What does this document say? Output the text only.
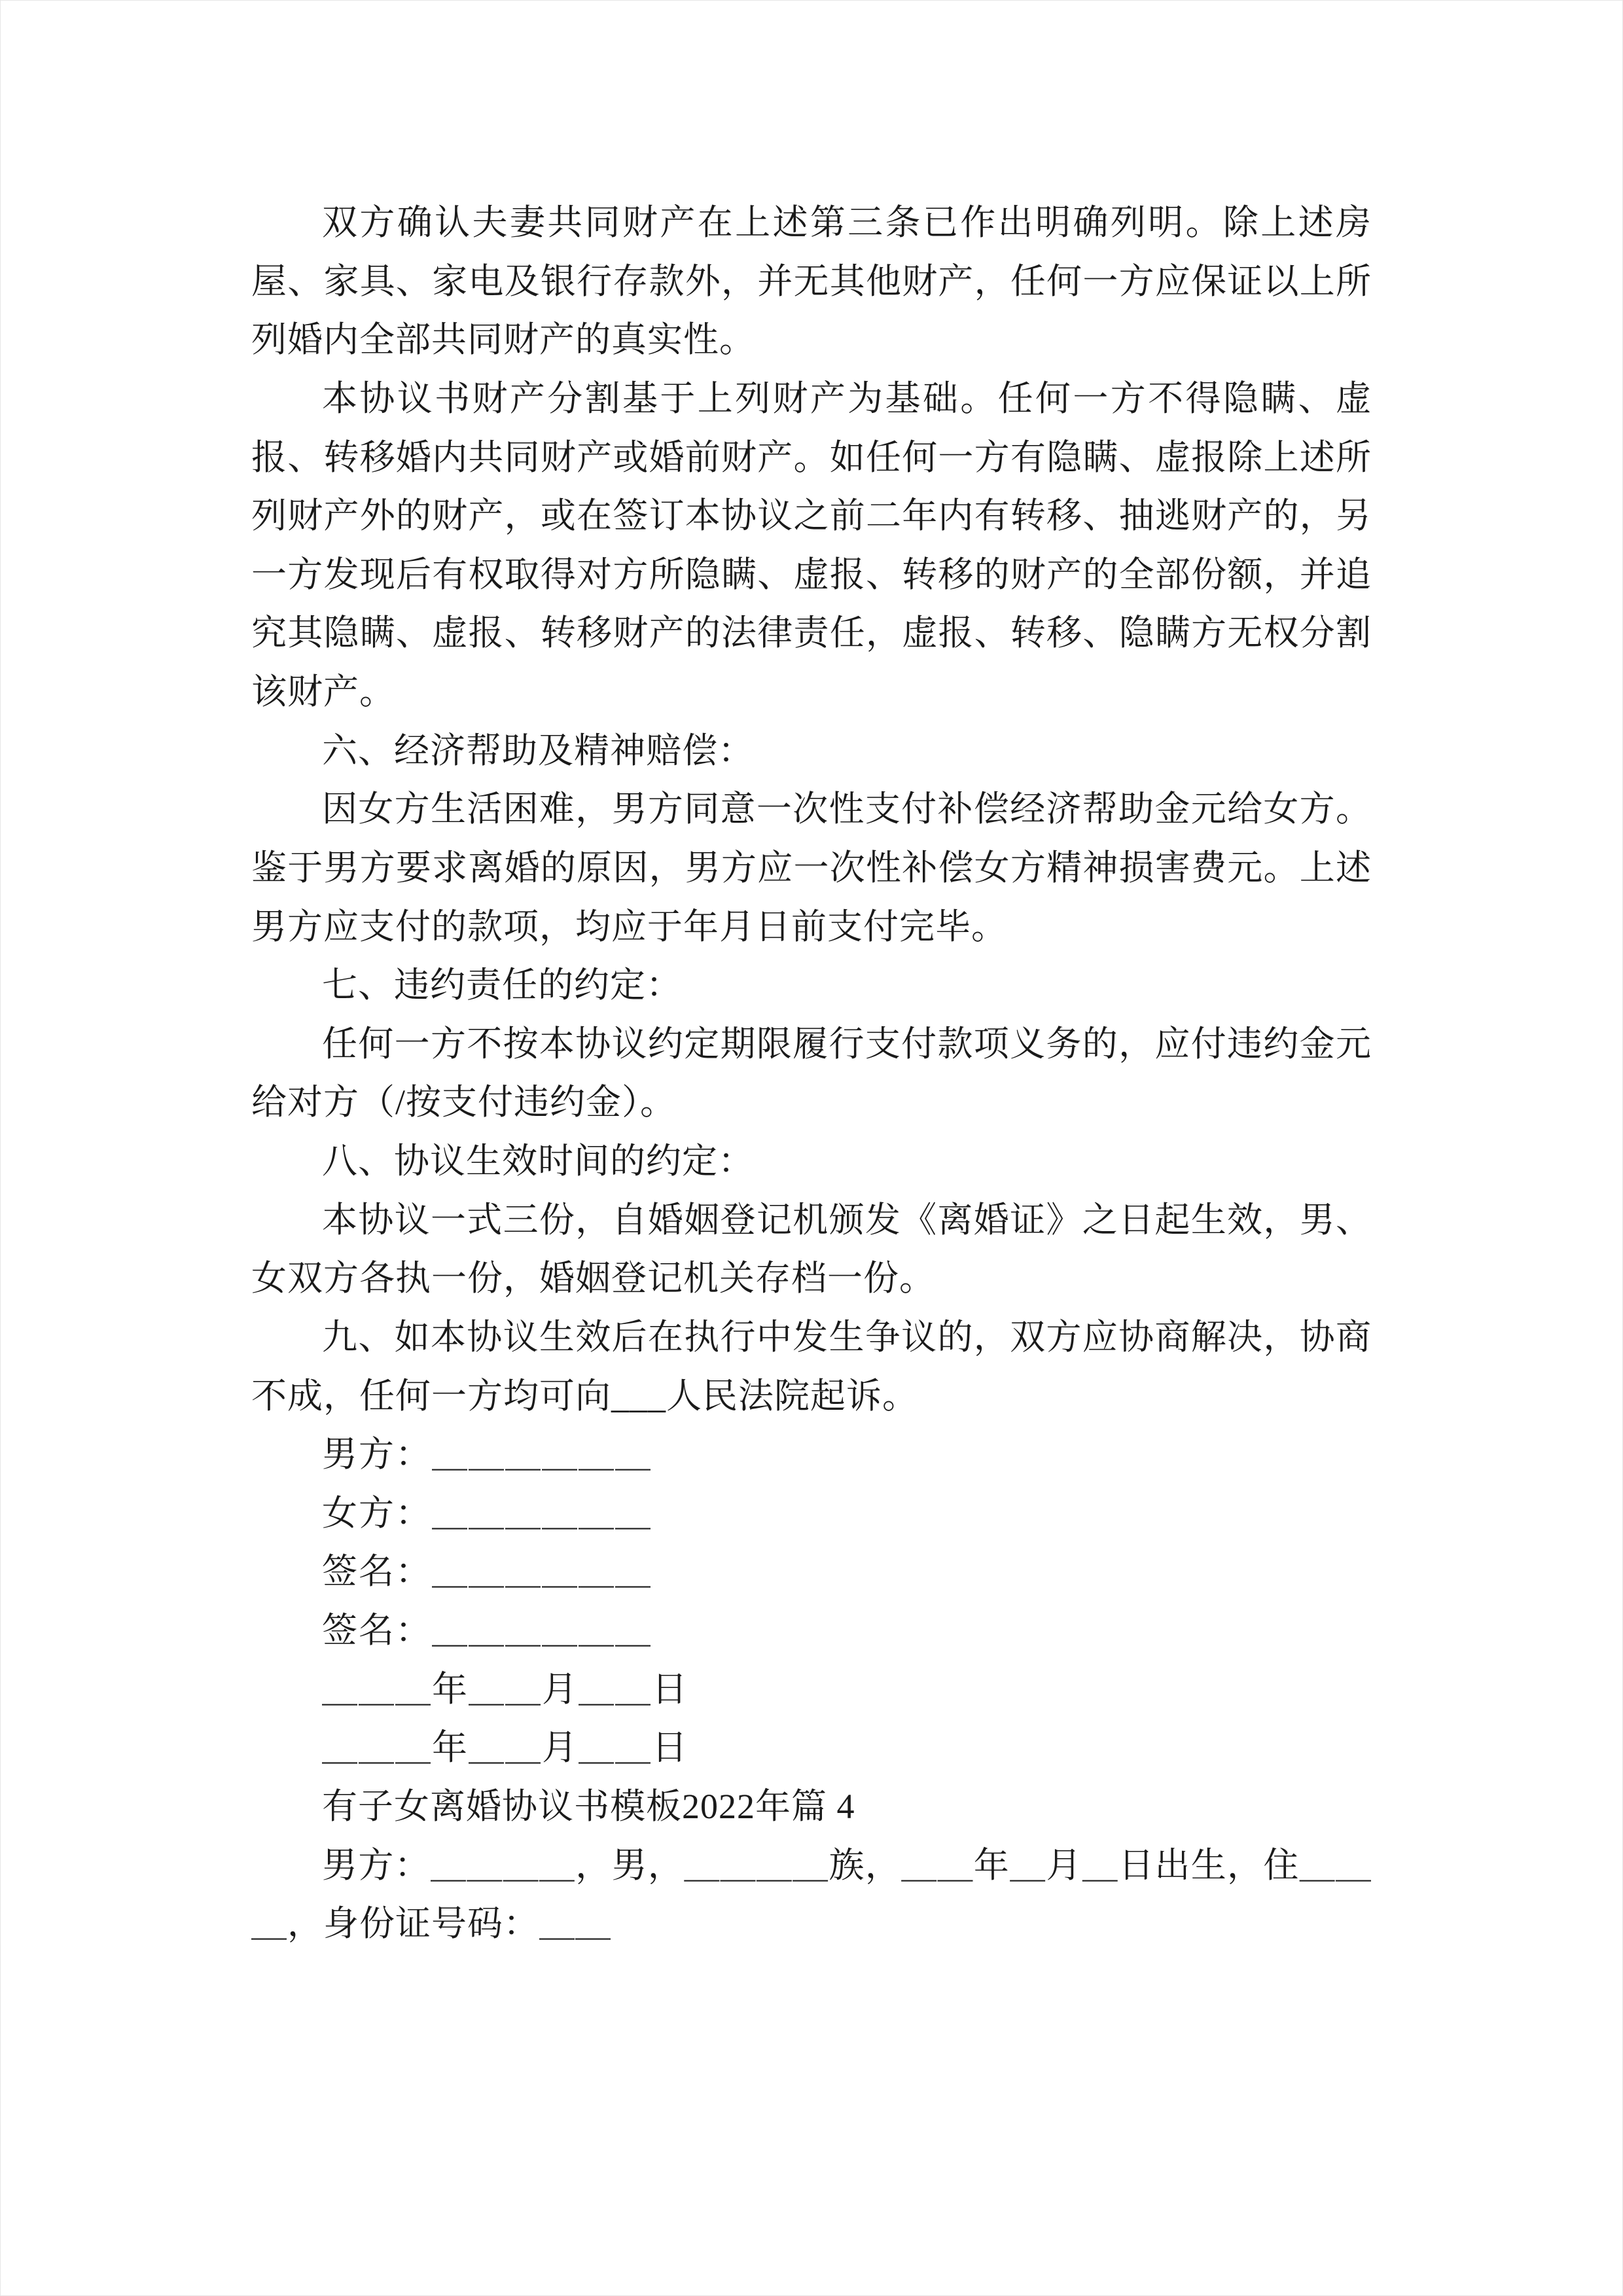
双方确认夫妻共同财产在上述第三条已作出明确列明。除上述房屋、家具、家电及银行存款外，并无其他财产，任何一方应保证以上所列婚内全部共同财产的真实性。

本协议书财产分割基于上列财产为基础。任何一方不得隐瞒、虚报、转移婚内共同财产或婚前财产。如任何一方有隐瞒、虚报除上述所列财产外的财产，或在签订本协议之前二年内有转移、抽逃财产的，另一方发现后有权取得对方所隐瞒、虚报、转移的财产的全部份额，并追究其隐瞒、虚报、转移财产的法律责任，虚报、转移、隐瞒方无权分割该财产。

六、经济帮助及精神赔偿：

因女方生活困难，男方同意一次性支付补偿经济帮助金元给女方。鉴于男方要求离婚的原因，男方应一次性补偿女方精神损害费元。上述男方应支付的款项，均应于年月日前支付完毕。

七、违约责任的约定：

任何一方不按本协议约定期限履行支付款项义务的，应付违约金元给对方（/按支付违约金）。

八、协议生效时间的约定：

本协议一式三份，自婚姻登记机颁发《离婚证》之日起生效，男、女双方各执一份，婚姻登记机关存档一份。

九、如本协议生效后在执行中发生争议的，双方应协商解决，协商不成，任何一方均可向___人民法院起诉。

男方：＿＿＿＿＿＿

女方：＿＿＿＿＿＿

签名：＿＿＿＿＿＿

签名：＿＿＿＿＿＿

＿＿＿年＿＿月＿＿日

＿＿＿年＿＿月＿＿日

有子女离婚协议书模板2022年篇 4

男方：＿＿＿＿，男，＿＿＿＿族，＿＿年＿月＿日出生，住＿＿＿，身份证号码：＿＿
